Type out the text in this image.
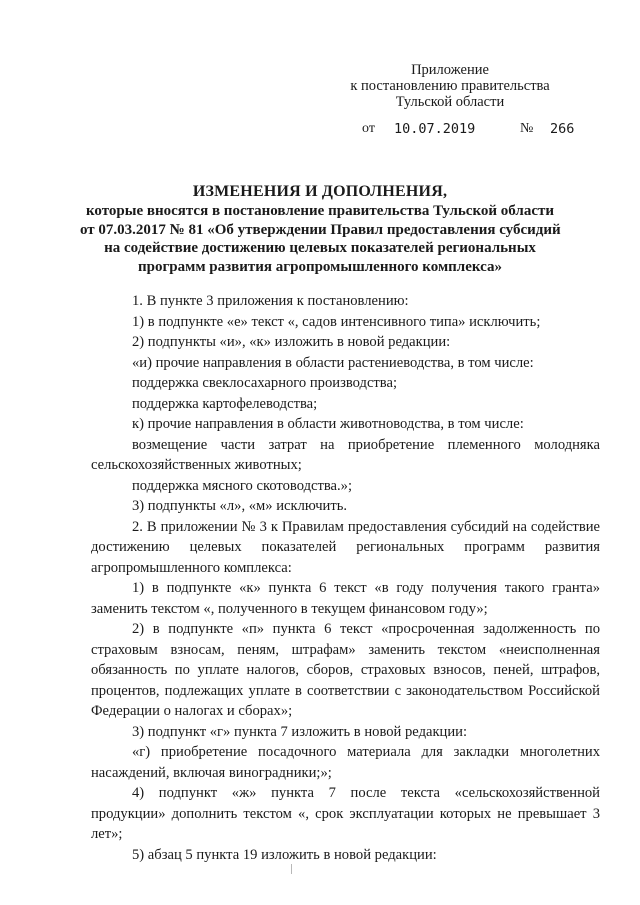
Приложение
к постановлению правительства
Тульской области
от 10.07.2019	№ 266
ИЗМЕНЕНИЯ И ДОПОЛНЕНИЯ,
которые вносятся в постановление правительства Тульской области
от 07.03.2017 № 81 «Об утверждении Правил предоставления субсидий
на содействие достижению целевых показателей региональных
программ развития агропромышленного комплекса»
1. В пункте 3 приложения к постановлению:
1) в подпункте «е» текст «, садов интенсивного типа» исключить;
2) подпункты «и», «к» изложить в новой редакции:
«и) прочие направления в области растениеводства, в том числе:
поддержка свеклосахарного производства;
поддержка картофелеводства;
к) прочие направления в области животноводства, в том числе:
возмещение части затрат на приобретение племенного молодняка сельскохозяйственных животных;
поддержка мясного скотоводства.»;
3) подпункты «л», «м» исключить.
2. В приложении № 3 к Правилам предоставления субсидий на содействие достижению целевых показателей региональных программ развития агропромышленного комплекса:
1) в подпункте «к» пункта 6 текст «в году получения такого гранта» заменить текстом «, полученного в текущем финансовом году»;
2) в подпункте «п» пункта 6 текст «просроченная задолженность по страховым взносам, пеням, штрафам» заменить текстом «неисполненная обязанность по уплате налогов, сборов, страховых взносов, пеней, штрафов, процентов, подлежащих уплате в соответствии с законодательством Российской Федерации о налогах и сборах»;
3) подпункт «г» пункта 7 изложить в новой редакции:
«г) приобретение посадочного материала для закладки многолетних насаждений, включая виноградники;»;
4) подпункт «ж» пункта 7 после текста «сельскохозяйственной продукции» дополнить текстом «, срок эксплуатации которых не превышает 3 лет»;
5) абзац 5 пункта 19 изложить в новой редакции:
